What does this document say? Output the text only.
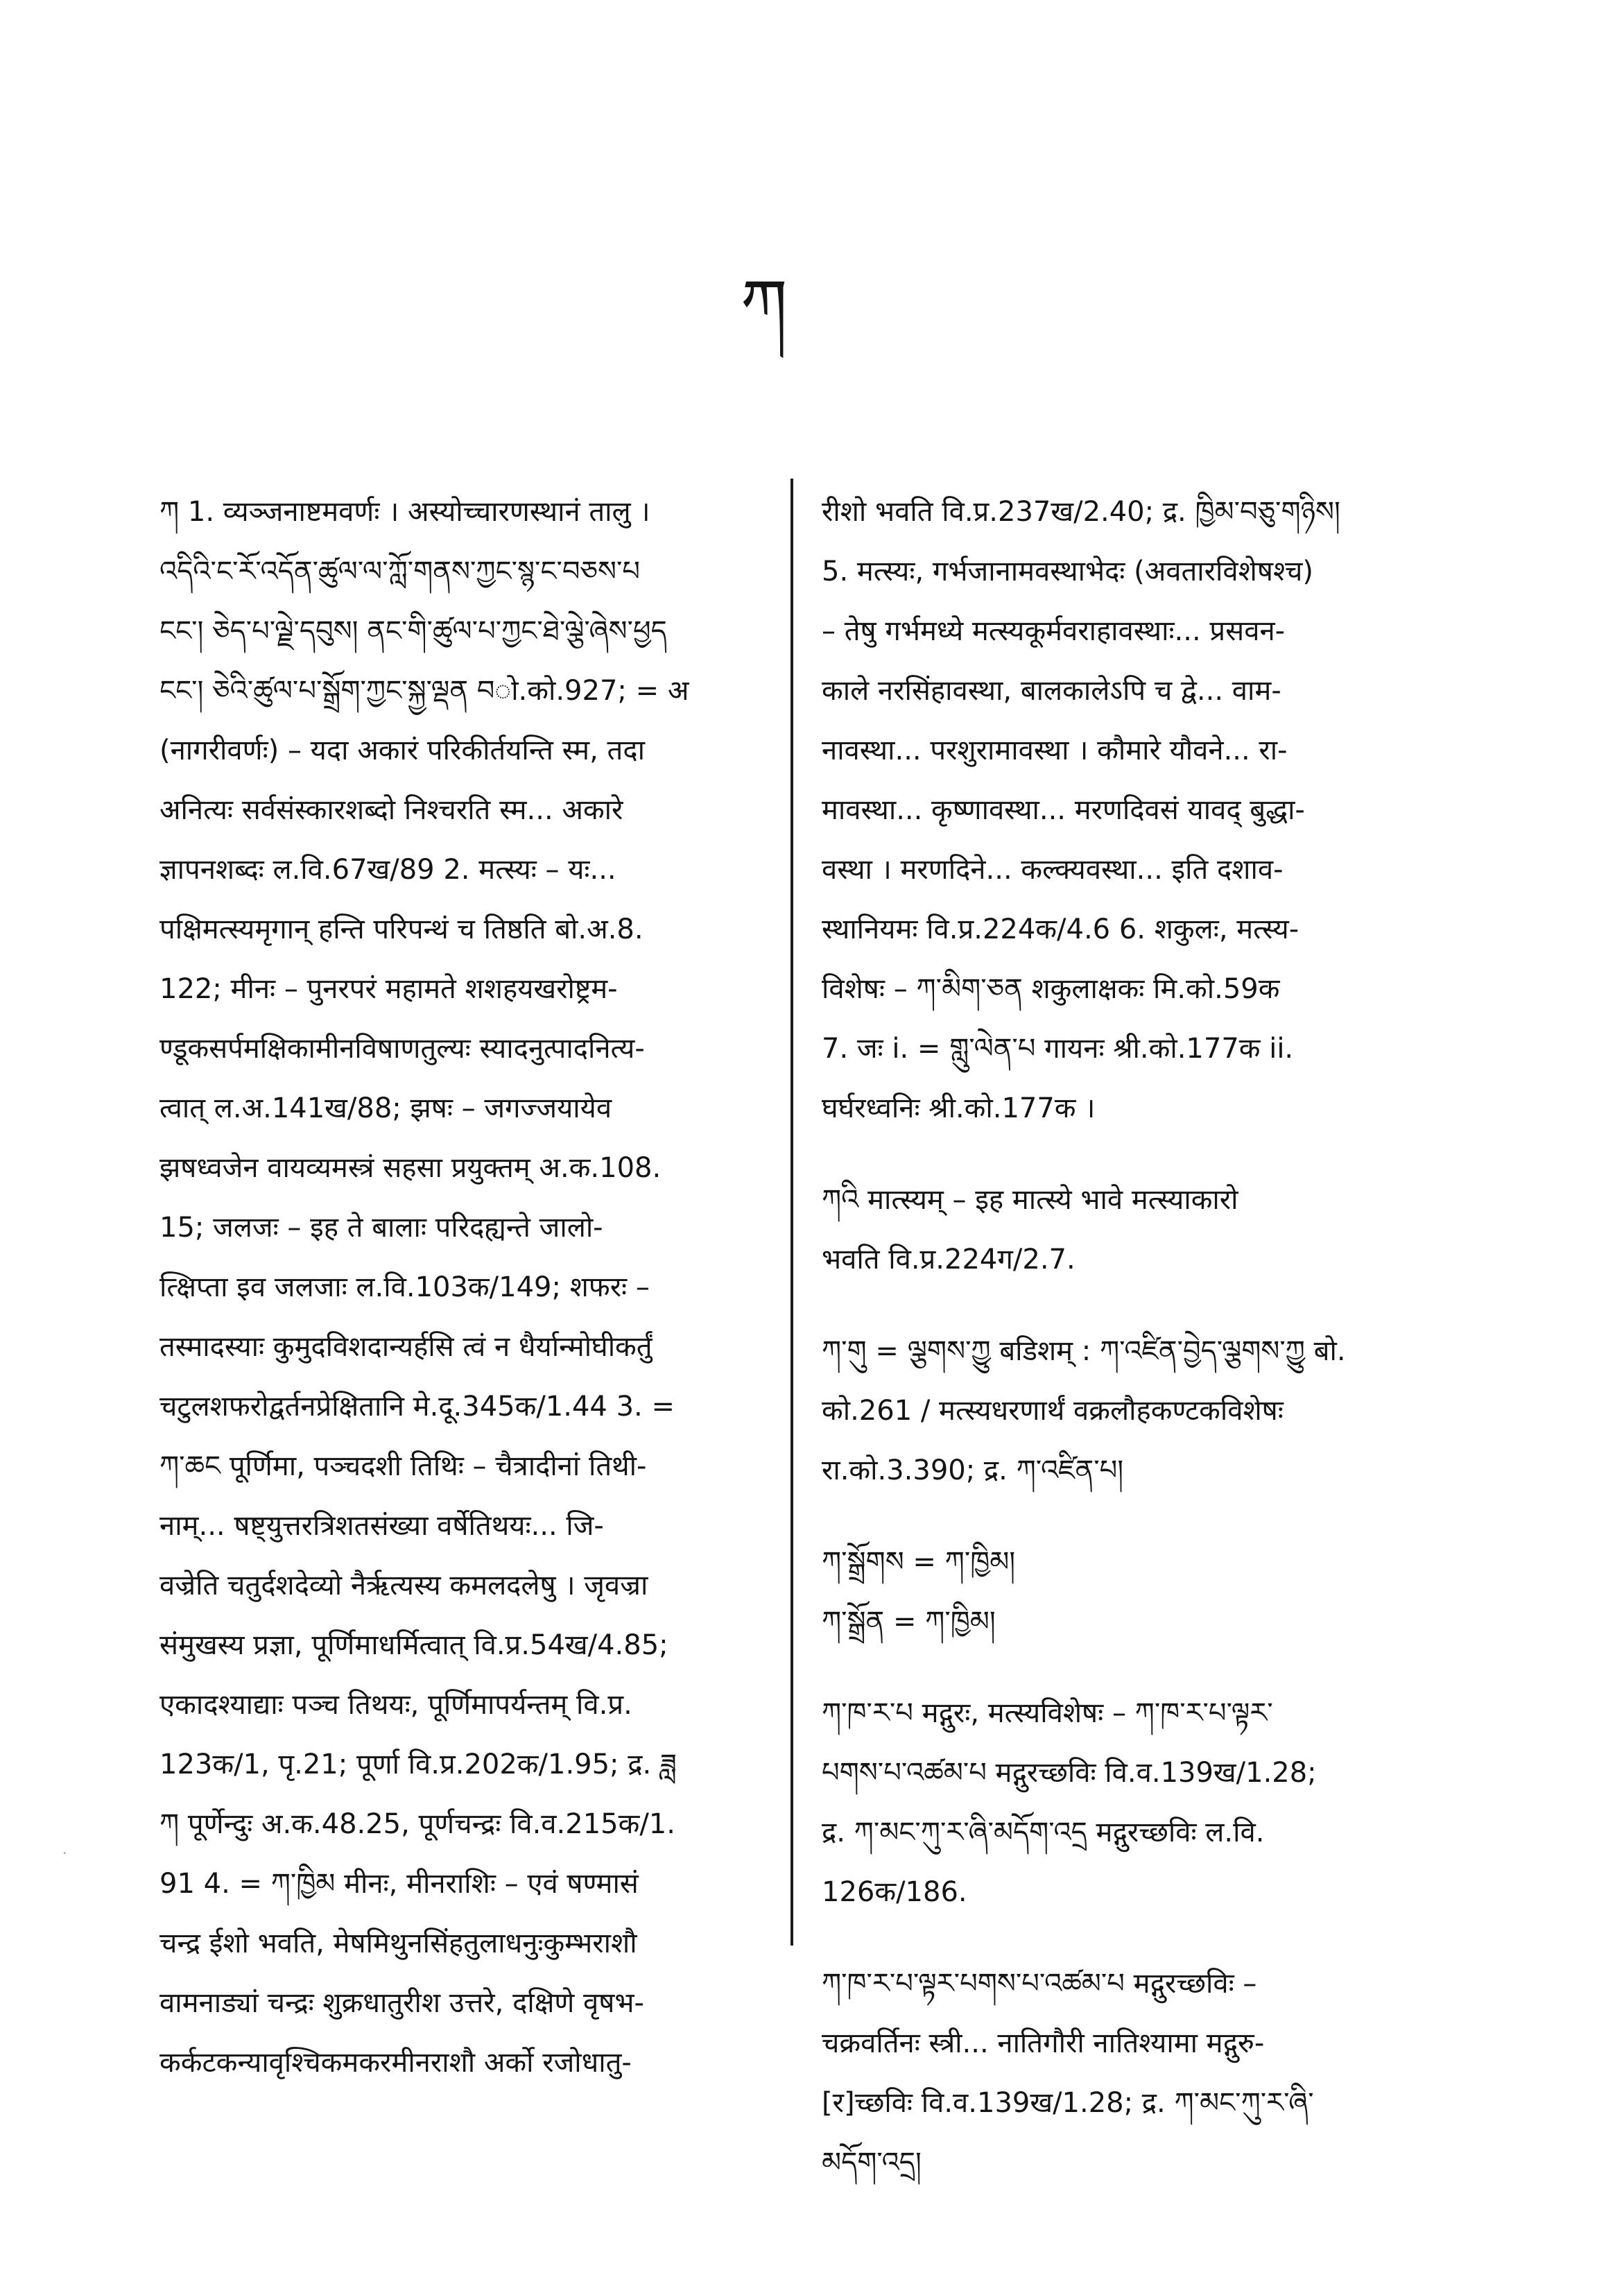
ཀ
ཀ 1. व्यञ्जनाष्टमवर्णः । अस्योच्चारणस्थानं तालु ।
འདིའི་ང་རོ་འདོན་ཚུལ་ལ་ཀློ་གནས་ཀྱང་སྙ་ང་བཅས་པ
ངང་། ཅེད་པ་ལྗེ་དབུས། ནང་གི་ཚུལ་པ་ཀྱང་ཐེ་ལྕེ་ཞེས་ཕྱད
ངང་། ཅེའི་ཚུལ་པ་སྒྲོག་ཀྱང་སྐྱ་ལྡན བो.को.927; = अ
(नागरीवर्णः) – यदा अकारं परिकीर्तयन्ति स्म, तदा
अनित्यः सर्वसंस्कारशब्दो निश्चरति स्म... अकारे
ज्ञापनशब्दः ल.वि.67ख/89 2. मत्स्यः – यः...
पक्षिमत्स्यमृगान् हन्ति परिपन्थं च तिष्ठति बो.अ.8.
122; मीनः – पुनरपरं महामते शशहयखरोष्ट्रम-
ण्डूकसर्पमक्षिकामीनविषाणतुल्यः स्यादनुत्पादनित्य-
त्वात् ल.अ.141ख/88; झषः – जगज्जयायेव
झषध्वजेन वायव्यमस्त्रं सहसा प्रयुक्तम् अ.क.108.
15; जलजः – इह ते बालाः परिदह्यन्ते जालो-
त्क्षिप्ता इव जलजाः ल.वि.103क/149; शफरः –
तस्मादस्याः कुमुदविशदान्यर्हसि त्वं न धैर्यान्मोघीकर्तुं
चटुलशफरोद्वर्तनप्रेक्षितानि मे.दू.345क/1.44 3. =
ཀ་ཆང पूर्णिमा, पञ्चदशी तिथिः – चैत्रादीनां तिथी-
नाम्... षष्ट्युत्तरत्रिशतसंख्या वर्षेतिथयः... जि-
वज्रेति चतुर्दशदेव्यो नैर्ऋत्यस्य कमलदलेषु । जृवज्रा
संमुखस्य प्रज्ञा, पूर्णिमाधर्मित्वात् वि.प्र.54ख/4.85;
एकादश्याद्याः पञ्च तिथयः, पूर्णिमापर्यन्तम् वि.प्र.
123क/1, पृ.21; पूर्णा वि.प्र.202क/1.95; द्र. ཟླ
ཀ पूर्णेन्दुः अ.क.48.25, पूर्णचन्द्रः वि.व.215क/1.
91 4. = ཀ་ཁྱིམ मीनः, मीनराशिः – एवं षण्मासं
चन्द्र ईशो भवति, मेषमिथुनसिंहतुलाधनुःकुम्भराशौ
वामनाड्यां चन्द्रः शुक्रधातुरीश उत्तरे, दक्षिणे वृषभ-
कर्कटकन्यावृश्चिकमकरमीनराशौ अर्को रजोधातु-
रीशो भवति वि.प्र.237ख/2.40; द्र. ཁྱིམ་བཅུ་གཉིས།
5. मत्स्यः, गर्भजानामवस्थाभेदः (अवतारविशेषश्च)
– तेषु गर्भमध्ये मत्स्यकूर्मवराहावस्थाः... प्रसवन-
काले नरसिंहावस्था, बालकालेऽपि च द्वे... वाम-
नावस्था... परशुरामावस्था । कौमारे यौवने... रा-
मावस्था... कृष्णावस्था... मरणदिवसं यावद् बुद्धा-
वस्था । मरणदिने... कल्क्यवस्था... इति दशाव-
स्थानियमः वि.प्र.224क/4.6 6. शकुलः, मत्स्य-
विशेषः – ཀ་མིག་ཅན शकुलाक्षकः मि.को.59क
7. जः i. = གླུ་ལེན་པ गायनः श्री.को.177क ii.
घर्घरध्वनिः श्री.को.177क ।
ཀའི मात्स्यम् – इह मात्स्ये भावे मत्स्याकारो
भवति वि.प्र.224ग/2.7.
ཀ་གུ = ལྕགས་ཀྱུ बडिशम् : ཀ་འཛིན་བྱེད་ལྕགས་ཀྱུ बो.
को.261 / मत्स्यधरणार्थं वक्रलौहकण्टकविशेषः
रा.को.3.390; द्र. ཀ་འཛིན་པ།
ཀ་སྒྲོགས = ཀ་ཁྱིམ།
ཀ་སྒྲོན = ཀ་ཁྱིམ།
ཀ་ཁ་ར་པ मद्गुरः, मत्स्यविशेषः – ཀ་ཁ་ར་པ་ལྟར་
པགས་པ་འཚམ་པ मद्गुरच्छविः वि.व.139ख/1.28;
द्र. ཀ་མང་ཀུ་ར་ཞི་མདོག་འདྲ मद्गुरच्छविः ल.वि.
126क/186.
ཀ་ཁ་ར་པ་ལྟར་པགས་པ་འཚམ་པ मद्गुरच्छविः –
चक्रवर्तिनः स्त्री... नातिगौरी नातिश्यामा मद्गुरु-
[र]च्छविः वि.व.139ख/1.28; द्र. ཀ་མང་ཀུ་ར་ཞི་
མདོག་འདྲ།
·
